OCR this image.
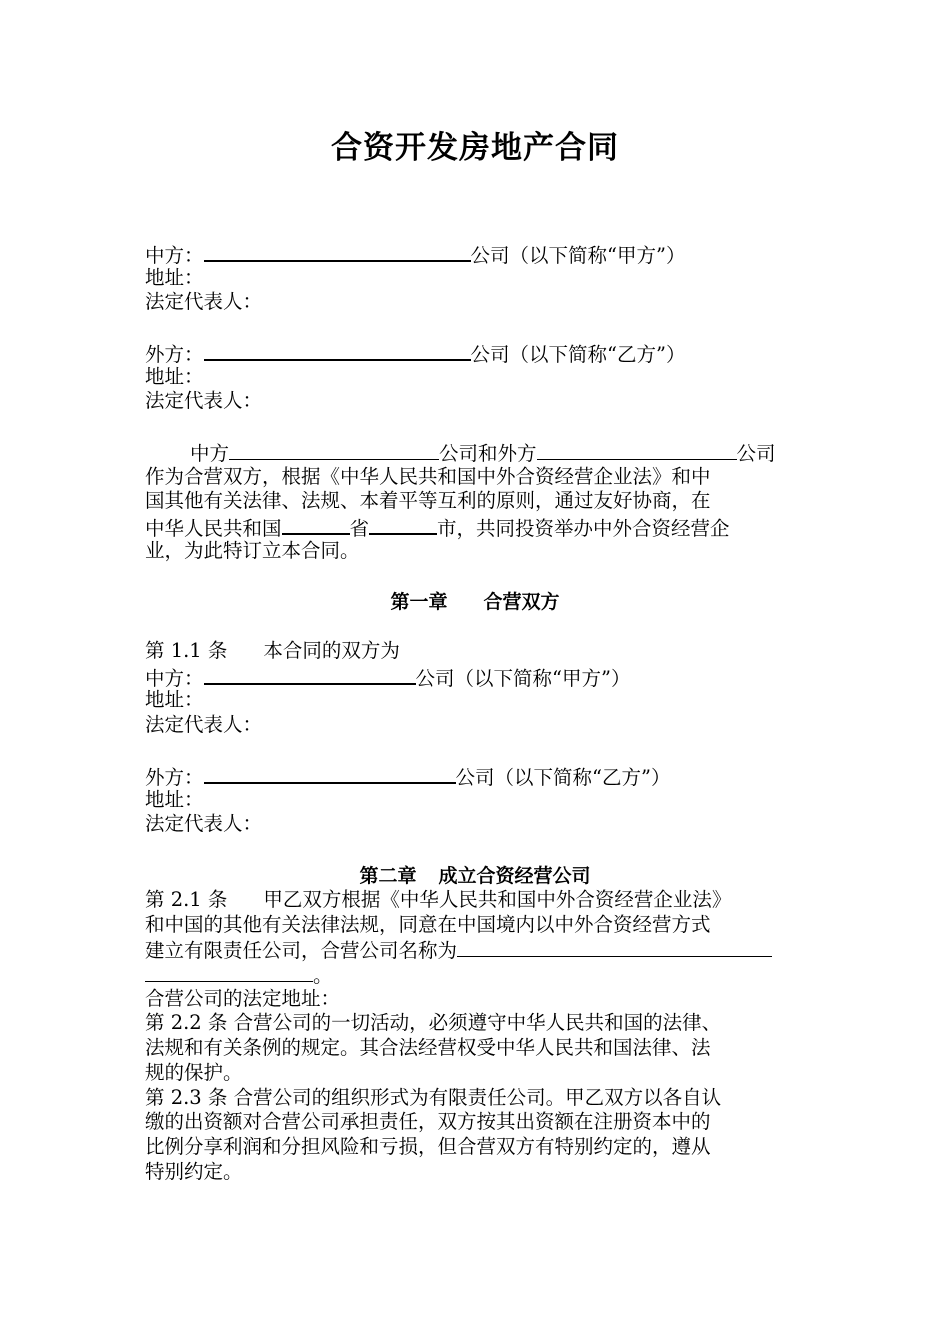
合资开发房地产合同
中方：	公司（以下简称“甲方”）
地址：
法定代表人：
外方：	公司（以下简称“乙方”）
地址：
法定代表人：
中方	公司和外方	公司
作为合营双方，根据《中华人民共和国中外合资经营企业法》和中
国其他有关法律、法规、本着平等互利的原则，通过友好协商，在
中华人民共和国	省	市，共同投资举办中外合资经营企
业，为此特订立本合同。
第一章 合营双方
第 1.1 条 本合同的双方为
中方：	公司（以下简称“甲方”）
地址：
法定代表人：
外方：	公司（以下简称“乙方”）
地址：
法定代表人：
第二章 成立合资经营公司
第 2.1 条 甲乙双方根据《中华人民共和国中外合资经营企业法》
和中国的其他有关法律法规，同意在中国境内以中外合资经营方式
建立有限责任公司，合营公司名称为
。
合营公司的法定地址：
第 2.2 条 合营公司的一切活动，必须遵守中华人民共和国的法律、
法规和有关条例的规定。其合法经营权受中华人民共和国法律、法
规的保护。
第 2.3 条 合营公司的组织形式为有限责任公司。甲乙双方以各自认
缴的出资额对合营公司承担责任，双方按其出资额在注册资本中的
比例分享利润和分担风险和亏损，但合营双方有特别约定的，遵从
特别约定。
